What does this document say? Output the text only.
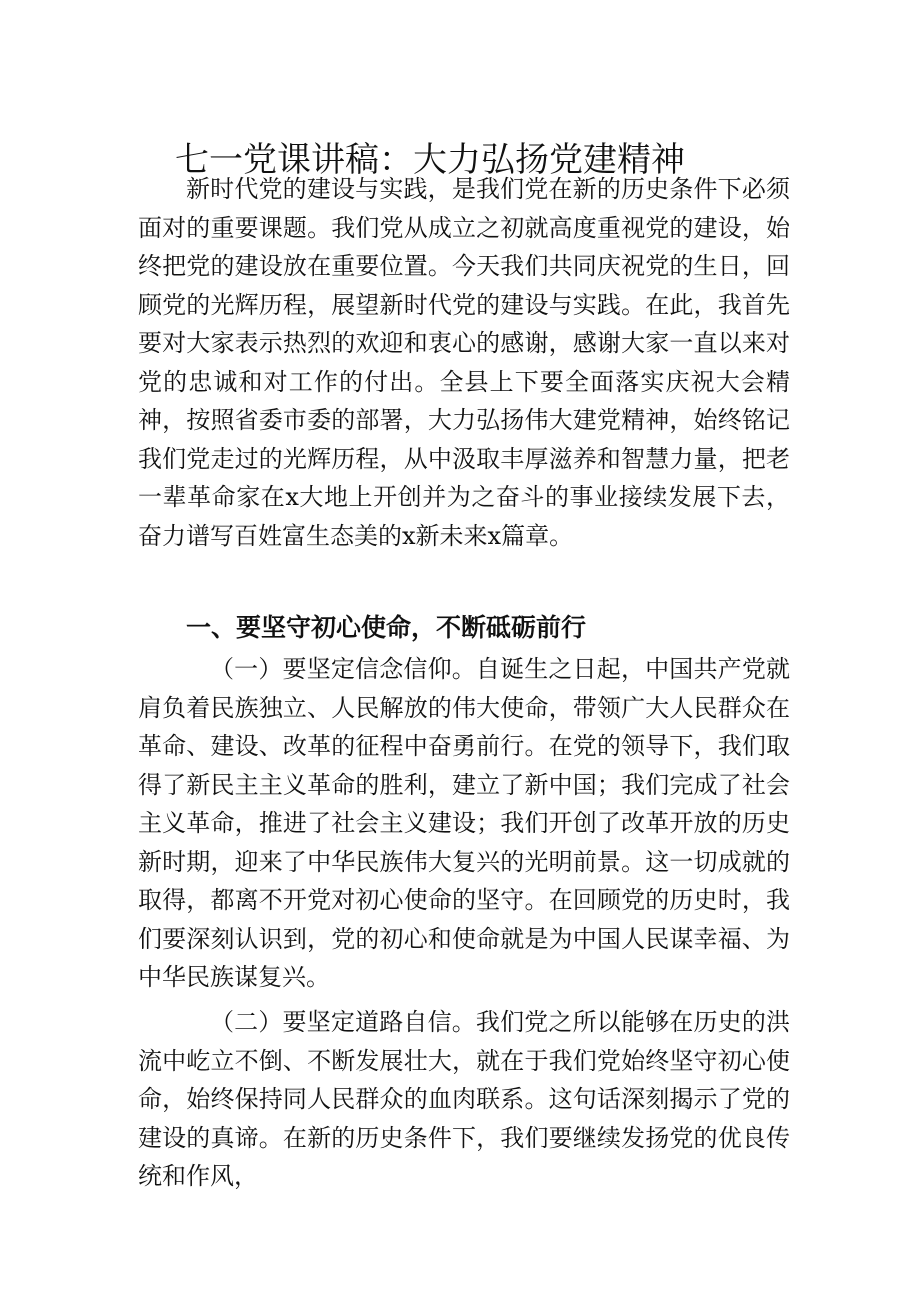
七一党课讲稿：大力弘扬党建精神

新时代党的建设与实践，是我们党在新的历史条件下必须面对的重要课题。我们党从成立之初就高度重视党的建设，始终把党的建设放在重要位置。今天我们共同庆祝党的生日，回顾党的光辉历程，展望新时代党的建设与实践。在此，我首先要对大家表示热烈的欢迎和衷心的感谢，感谢大家一直以来对党的忠诚和对工作的付出。全县上下要全面落实庆祝大会精神，按照省委市委的部署，大力弘扬伟大建党精神，始终铭记我们党走过的光辉历程，从中汲取丰厚滋养和智慧力量，把老一辈革命家在x大地上开创并为之奋斗的事业接续发展下去，奋力谱写百姓富生态美的x新未来x篇章。

一、要坚守初心使命，不断砥砺前行

（一）要坚定信念信仰。自诞生之日起，中国共产党就肩负着民族独立、人民解放的伟大使命，带领广大人民群众在革命、建设、改革的征程中奋勇前行。在党的领导下，我们取得了新民主主义革命的胜利，建立了新中国；我们完成了社会主义革命，推进了社会主义建设；我们开创了改革开放的历史新时期，迎来了中华民族伟大复兴的光明前景。这一切成就的取得，都离不开党对初心使命的坚守。在回顾党的历史时，我们要深刻认识到，党的初心和使命就是为中国人民谋幸福、为中华民族谋复兴。

（二）要坚定道路自信。我们党之所以能够在历史的洪流中屹立不倒、不断发展壮大，就在于我们党始终坚守初心使命，始终保持同人民群众的血肉联系。这句话深刻揭示了党的建设的真谛。在新的历史条件下，我们要继续发扬党的优良传统和作风，
